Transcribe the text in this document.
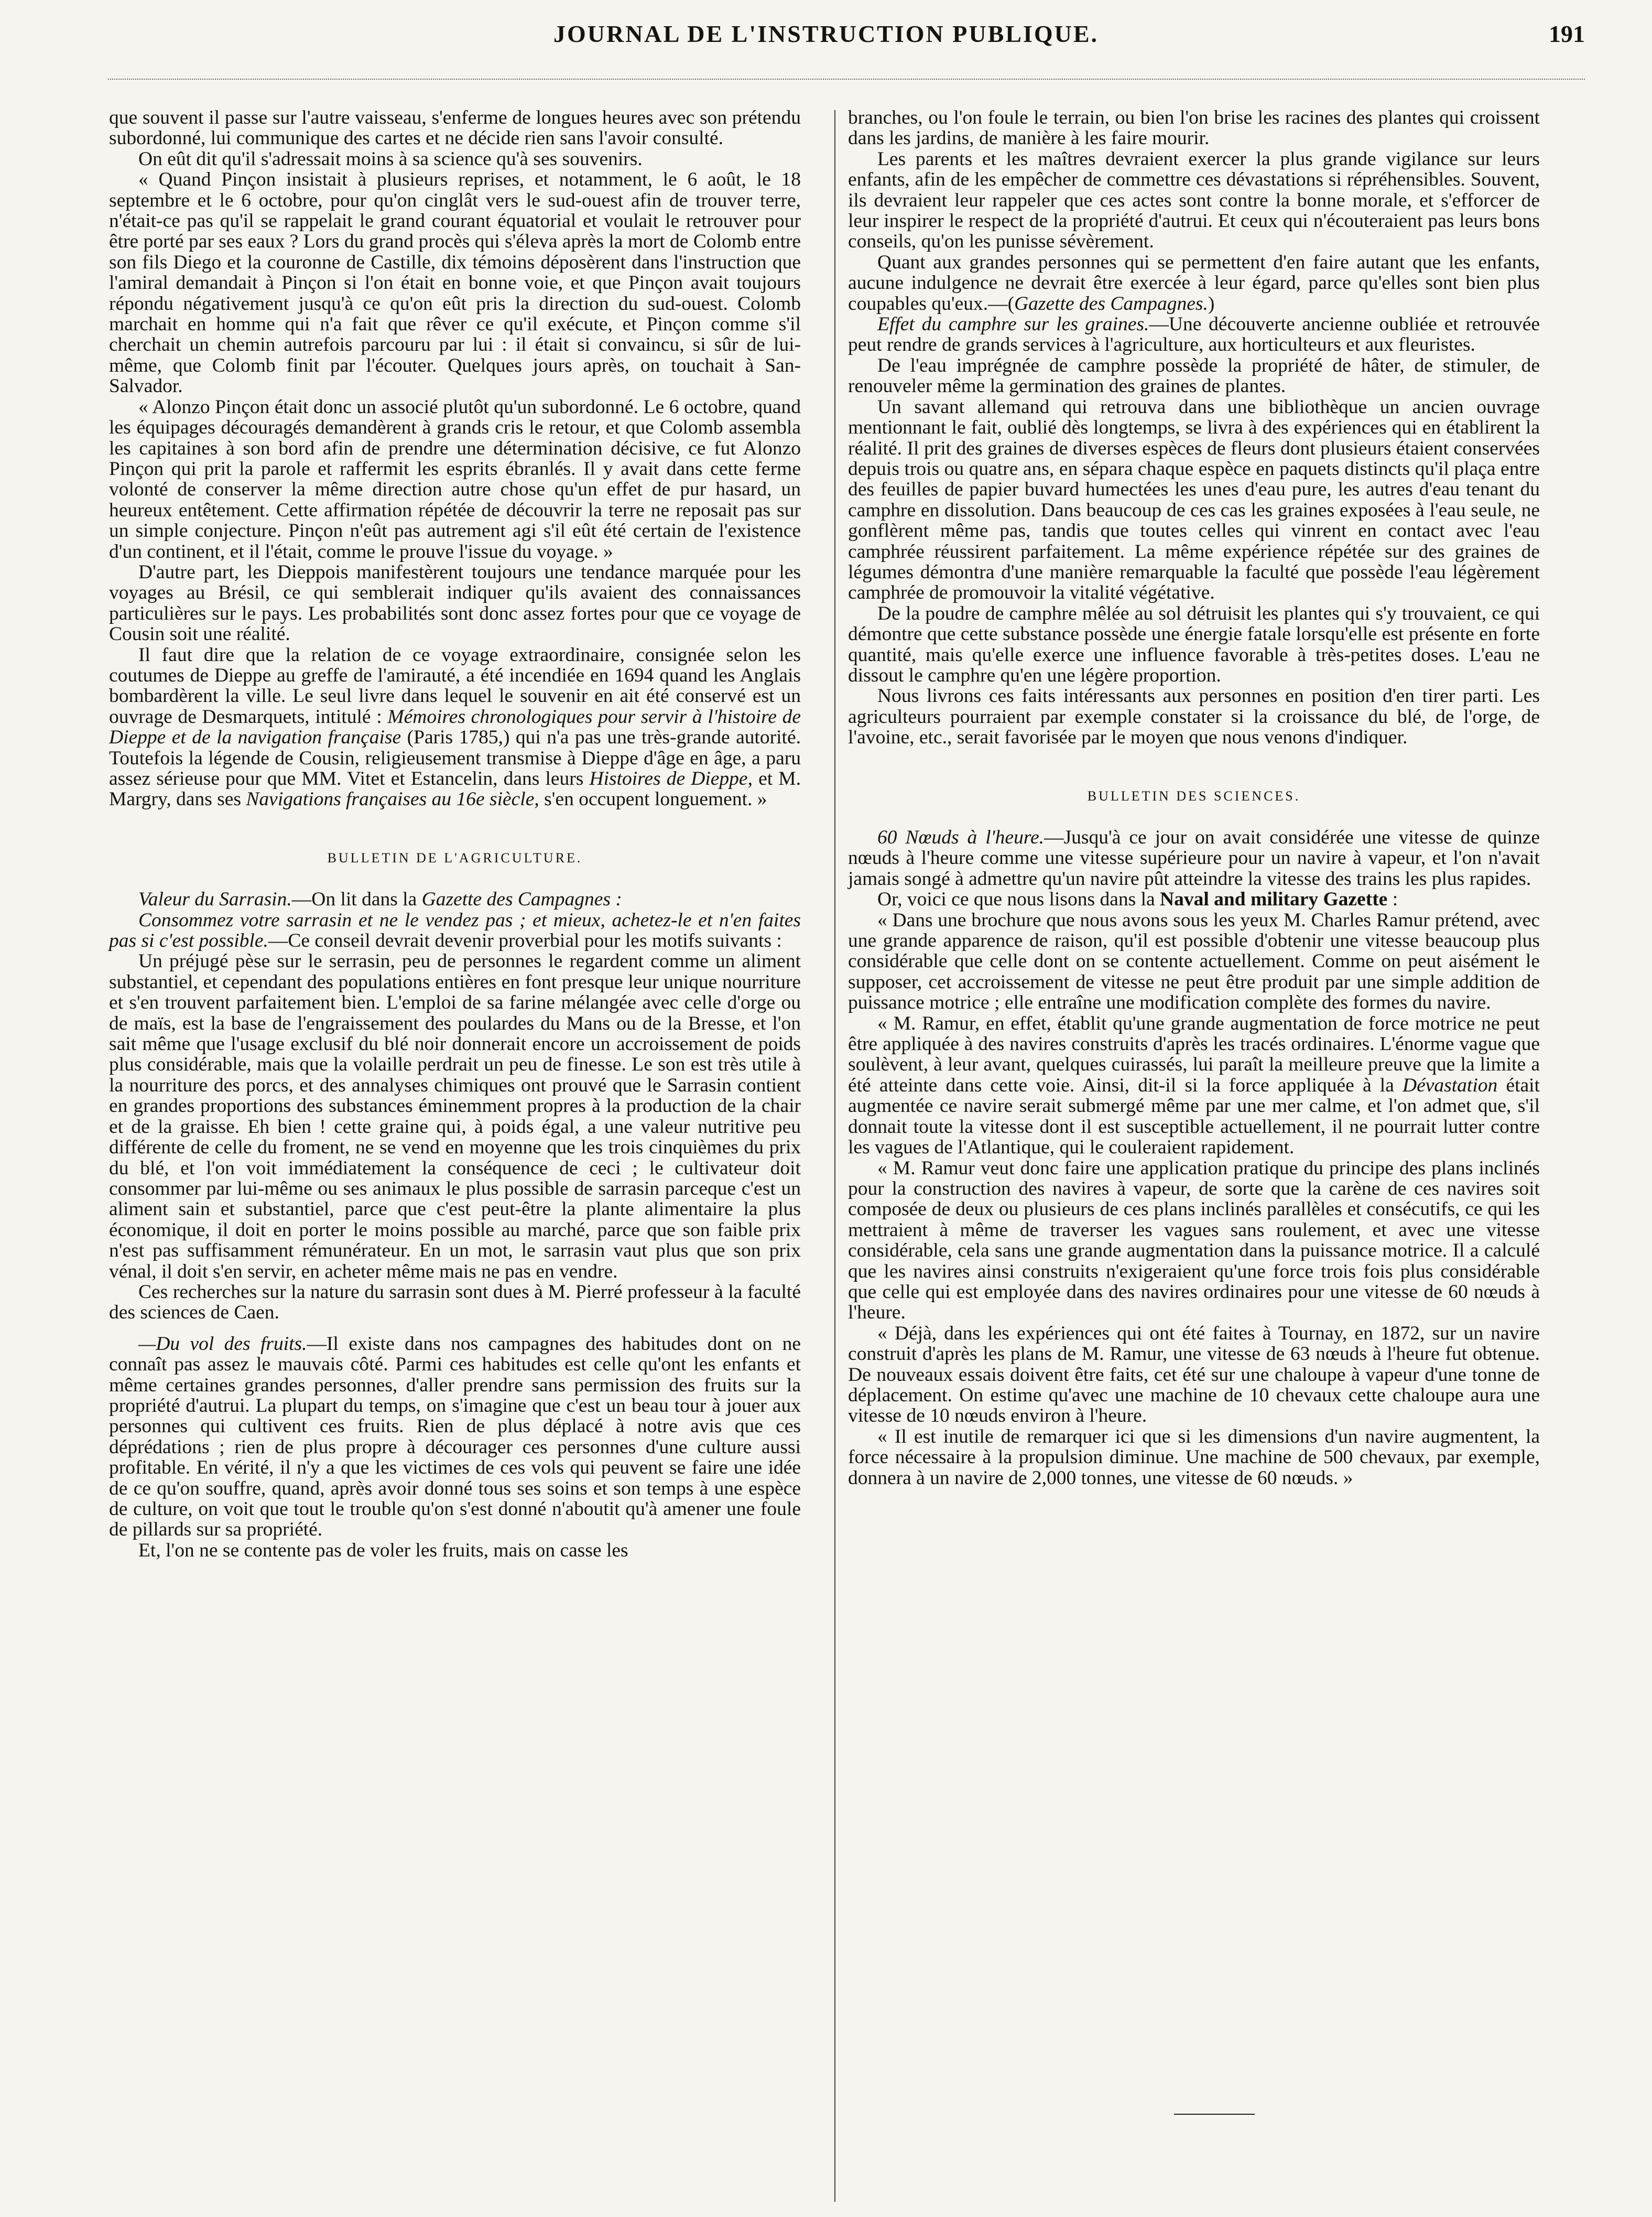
JOURNAL DE L'INSTRUCTION PUBLIQUE.	191

que souvent il passe sur l'autre vaisseau, s'enferme de longues heures avec son prétendu subordonné, lui communique des cartes et ne décide rien sans l'avoir consulté.

On eût dit qu'il s'adressait moins à sa science qu'à ses souvenirs.

« Quand Pinçon insistait à plusieurs reprises, et notamment, le 6 août, le 18 septembre et le 6 octobre, pour qu'on cinglât vers le sud-ouest afin de trouver terre, n'était-ce pas qu'il se rappelait le grand courant équatorial et voulait le retrouver pour être porté par ses eaux ? Lors du grand procès qui s'éleva après la mort de Colomb entre son fils Diego et la couronne de Castille, dix témoins déposèrent dans l'instruction que l'amiral demandait à Pinçon si l'on était en bonne voie, et que Pinçon avait toujours répondu négativement jusqu'à ce qu'on eût pris la direction du sud-ouest. Colomb marchait en homme qui n'a fait que rêver ce qu'il exécute, et Pinçon comme s'il cherchait un chemin autrefois parcouru par lui : il était si convaincu, si sûr de lui-même, que Colomb finit par l'écouter. Quelques jours après, on touchait à San-Salvador.

« Alonzo Pinçon était donc un associé plutôt qu'un subordonné. Le 6 octobre, quand les équipages découragés demandèrent à grands cris le retour, et que Colomb assembla les capitaines à son bord afin de prendre une détermination décisive, ce fut Alonzo Pinçon qui prit la parole et raffermit les esprits ébranlés. Il y avait dans cette ferme volonté de conserver la même direction autre chose qu'un effet de pur hasard, un heureux entêtement. Cette affirmation répétée de découvrir la terre ne reposait pas sur un simple conjecture. Pinçon n'eût pas autrement agi s'il eût été certain de l'existence d'un continent, et il l'était, comme le prouve l'issue du voyage. »

D'autre part, les Dieppois manifestèrent toujours une tendance marquée pour les voyages au Brésil, ce qui semblerait indiquer qu'ils avaient des connaissances particulières sur le pays. Les probabilités sont donc assez fortes pour que ce voyage de Cousin soit une réalité.

Il faut dire que la relation de ce voyage extraordinaire, consignée selon les coutumes de Dieppe au greffe de l'amirauté, a été incendiée en 1694 quand les Anglais bombardèrent la ville. Le seul livre dans lequel le souvenir en ait été conservé est un ouvrage de Desmarquets, intitulé : Mémoires chronologiques pour servir à l'histoire de Dieppe et de la navigation française (Paris 1785,) qui n'a pas une très-grande autorité. Toutefois la légende de Cousin, religieusement transmise à Dieppe d'âge en âge, a paru assez sérieuse pour que MM. Vitet et Estancelin, dans leurs Histoires de Dieppe, et M. Margry, dans ses Navigations françaises au 16e siècle, s'en occupent longuement. »

BULLETIN DE L'AGRICULTURE.

Valeur du Sarrasin.—On lit dans la Gazette des Campagnes :

Consommez votre sarrasin et ne le vendez pas ; et mieux, achetez-le et n'en faites pas si c'est possible.—Ce conseil devrait devenir proverbial pour les motifs suivants :

Un préjugé pèse sur le serrasin, peu de personnes le regardent comme un aliment substantiel, et cependant des populations entières en font presque leur unique nourriture et s'en trouvent parfaitement bien. L'emploi de sa farine mélangée avec celle d'orge ou de maïs, est la base de l'engraissement des poulardes du Mans ou de la Bresse, et l'on sait même que l'usage exclusif du blé noir donnerait encore un accroissement de poids plus considérable, mais que la volaille perdrait un peu de finesse. Le son est très utile à la nourriture des porcs, et des annalyses chimiques ont prouvé que le Sarrasin contient en grandes proportions des substances éminemment propres à la production de la chair et de la graisse. Eh bien ! cette graine qui, à poids égal, a une valeur nutritive peu différente de celle du froment, ne se vend en moyenne que les trois cinquièmes du prix du blé, et l'on voit immédiatement la conséquence de ceci ; le cultivateur doit consommer par lui-même ou ses animaux le plus possible de sarrasin parceque c'est un aliment sain et substantiel, parce que c'est peut-être la plante alimentaire la plus économique, il doit en porter le moins possible au marché, parce que son faible prix n'est pas suffisamment rémunérateur. En un mot, le sarrasin vaut plus que son prix vénal, il doit s'en servir, en acheter même mais ne pas en vendre.

Ces recherches sur la nature du sarrasin sont dues à M. Pierré professeur à la faculté des sciences de Caen.

—Du vol des fruits.—Il existe dans nos campagnes des habitudes dont on ne connaît pas assez le mauvais côté. Parmi ces habitudes est celle qu'ont les enfants et même certaines grandes personnes, d'aller prendre sans permission des fruits sur la propriété d'autrui. La plupart du temps, on s'imagine que c'est un beau tour à jouer aux personnes qui cultivent ces fruits. Rien de plus déplacé à notre avis que ces déprédations ; rien de plus propre à décourager ces personnes d'une culture aussi profitable. En vérité, il n'y a que les victimes de ces vols qui peuvent se faire une idée de ce qu'on souffre, quand, après avoir donné tous ses soins et son temps à une espèce de culture, on voit que tout le trouble qu'on s'est donné n'aboutit qu'à amener une foule de pillards sur sa propriété.

Et, l'on ne se contente pas de voler les fruits, mais on casse les

branches, ou l'on foule le terrain, ou bien l'on brise les racines des plantes qui croissent dans les jardins, de manière à les faire mourir.

Les parents et les maîtres devraient exercer la plus grande vigilance sur leurs enfants, afin de les empêcher de commettre ces dévastations si répréhensibles. Souvent, ils devraient leur rappeler que ces actes sont contre la bonne morale, et s'efforcer de leur inspirer le respect de la propriété d'autrui. Et ceux qui n'écouteraient pas leurs bons conseils, qu'on les punisse sévèrement.

Quant aux grandes personnes qui se permettent d'en faire autant que les enfants, aucune indulgence ne devrait être exercée à leur égard, parce qu'elles sont bien plus coupables qu'eux.—(Gazette des Campagnes.)

Effet du camphre sur les graines.—Une découverte ancienne oubliée et retrouvée peut rendre de grands services à l'agriculture, aux horticulteurs et aux fleuristes.

De l'eau imprégnée de camphre possède la propriété de hâter, de stimuler, de renouveler même la germination des graines de plantes.

Un savant allemand qui retrouva dans une bibliothèque un ancien ouvrage mentionnant le fait, oublié dès longtemps, se livra à des expériences qui en établirent la réalité. Il prit des graines de diverses espèces de fleurs dont plusieurs étaient conservées depuis trois ou quatre ans, en sépara chaque espèce en paquets distincts qu'il plaça entre des feuilles de papier buvard humectées les unes d'eau pure, les autres d'eau tenant du camphre en dissolution. Dans beaucoup de ces cas les graines exposées à l'eau seule, ne gonflèrent même pas, tandis que toutes celles qui vinrent en contact avec l'eau camphrée réussirent parfaitement. La même expérience répétée sur des graines de légumes démontra d'une manière remarquable la faculté que possède l'eau légèrement camphrée de promouvoir la vitalité végétative.

De la poudre de camphre mêlée au sol détruisit les plantes qui s'y trouvaient, ce qui démontre que cette substance possède une énergie fatale lorsqu'elle est présente en forte quantité, mais qu'elle exerce une influence favorable à très-petites doses. L'eau ne dissout le camphre qu'en une légère proportion.

Nous livrons ces faits intéressants aux personnes en position d'en tirer parti. Les agriculteurs pourraient par exemple constater si la croissance du blé, de l'orge, de l'avoine, etc., serait favorisée par le moyen que nous venons d'indiquer.

BULLETIN DES SCIENCES.

60 Nœuds à l'heure.—Jusqu'à ce jour on avait considérée une vitesse de quinze nœuds à l'heure comme une vitesse supérieure pour un navire à vapeur, et l'on n'avait jamais songé à admettre qu'un navire pût atteindre la vitesse des trains les plus rapides.

Or, voici ce que nous lisons dans la Naval and military Gazette :

« Dans une brochure que nous avons sous les yeux M. Charles Ramur prétend, avec une grande apparence de raison, qu'il est possible d'obtenir une vitesse beaucoup plus considérable que celle dont on se contente actuellement. Comme on peut aisément le supposer, cet accroissement de vitesse ne peut être produit par une simple addition de puissance motrice ; elle entraîne une modification complète des formes du navire.

« M. Ramur, en effet, établit qu'une grande augmentation de force motrice ne peut être appliquée à des navires construits d'après les tracés ordinaires. L'énorme vague que soulèvent, à leur avant, quelques cuirassés, lui paraît la meilleure preuve que la limite a été atteinte dans cette voie. Ainsi, dit-il si la force appliquée à la Dévastation était augmentée ce navire serait submergé même par une mer calme, et l'on admet que, s'il donnait toute la vitesse dont il est susceptible actuellement, il ne pourrait lutter contre les vagues de l'Atlantique, qui le couleraient rapidement.

« M. Ramur veut donc faire une application pratique du principe des plans inclinés pour la construction des navires à vapeur, de sorte que la carène de ces navires soit composée de deux ou plusieurs de ces plans inclinés parallèles et consécutifs, ce qui les mettraient à même de traverser les vagues sans roulement, et avec une vitesse considérable, cela sans une grande augmentation dans la puissance motrice. Il a calculé que les navires ainsi construits n'exigeraient qu'une force trois fois plus considérable que celle qui est employée dans des navires ordinaires pour une vitesse de 60 nœuds à l'heure.

« Déjà, dans les expériences qui ont été faites à Tournay, en 1872, sur un navire construit d'après les plans de M. Ramur, une vitesse de 63 nœuds à l'heure fut obtenue. De nouveaux essais doivent être faits, cet été sur une chaloupe à vapeur d'une tonne de déplacement. On estime qu'avec une machine de 10 chevaux cette chaloupe aura une vitesse de 10 nœuds environ à l'heure.

« Il est inutile de remarquer ici que si les dimensions d'un navire augmentent, la force nécessaire à la propulsion diminue. Une machine de 500 chevaux, par exemple, donnera à un navire de 2,000 tonnes, une vitesse de 60 nœuds. »
